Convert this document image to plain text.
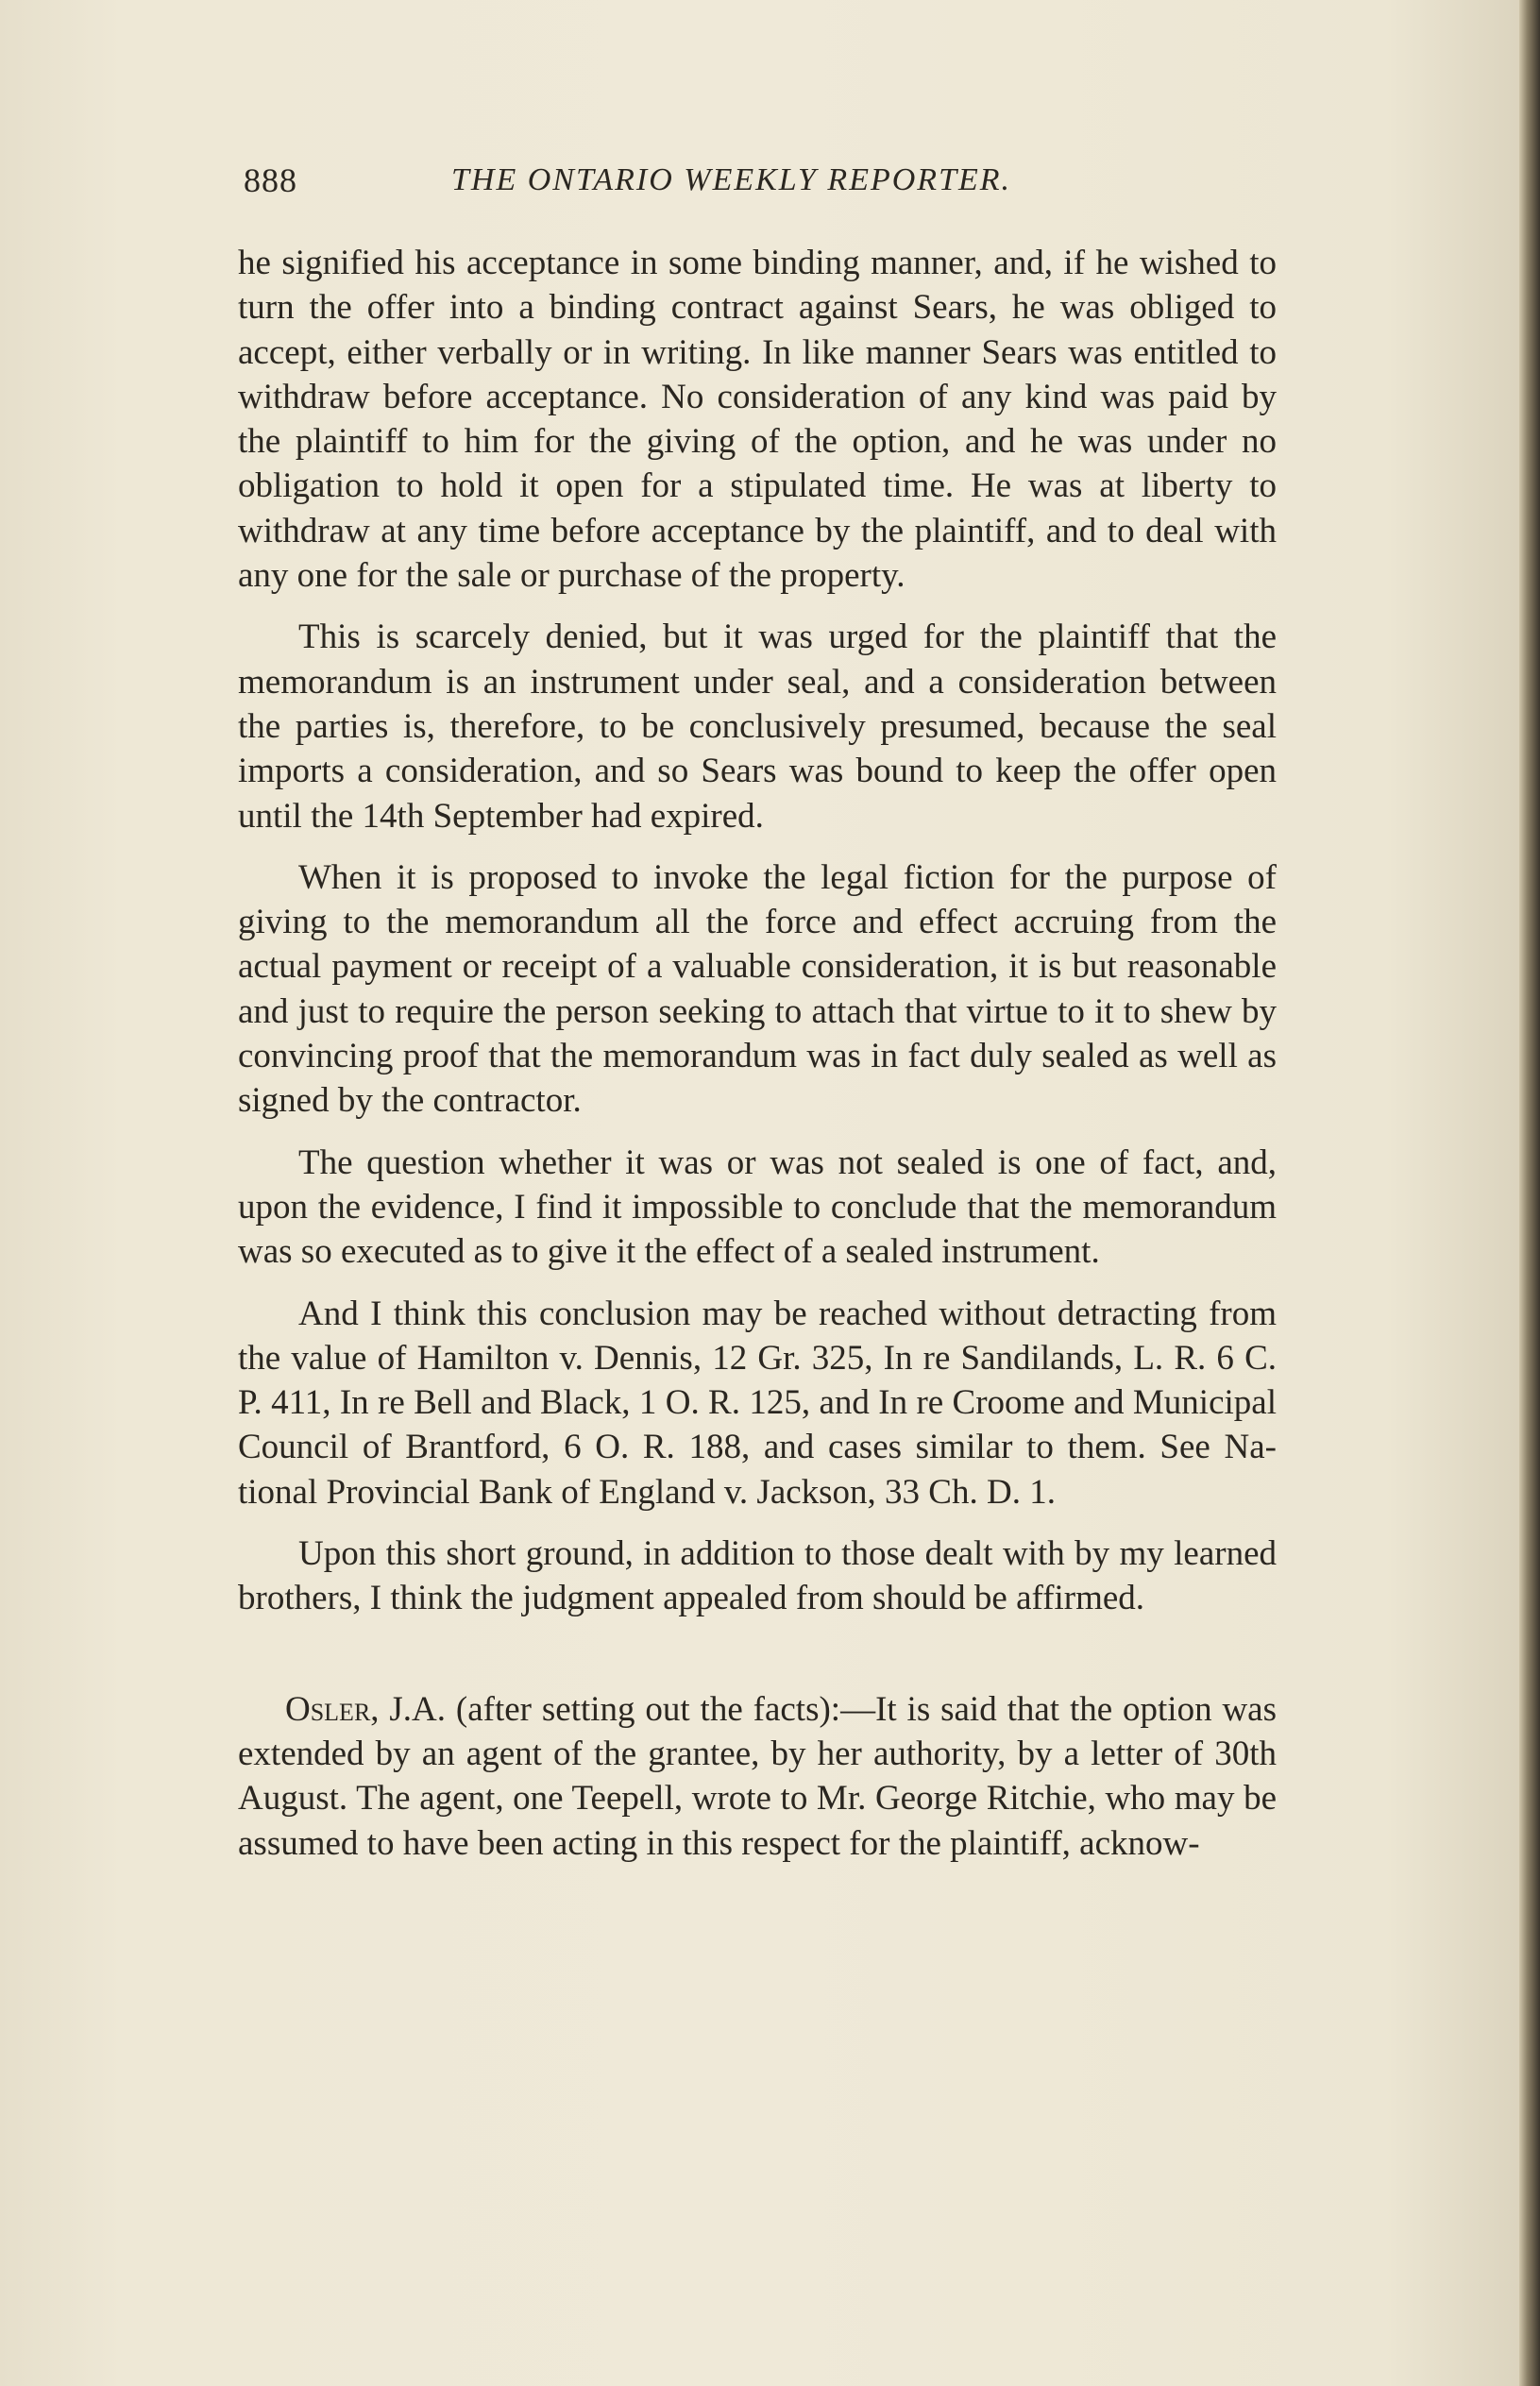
888	THE ONTARIO WEEKLY REPORTER.

he signified his acceptance in some binding manner, and, if he wished to turn the offer into a binding contract against Sears, he was obliged to accept, either verbally or in writing. In like manner Sears was entitled to withdraw before acceptance. No consideration of any kind was paid by the plaintiff to him for the giving of the option, and he was under no obligation to hold it open for a stipulated time. He was at liberty to withdraw at any time before acceptance by the plaintiff, and to deal with any one for the sale or purchase of the property.

This is scarcely denied, but it was urged for the plaintiff that the memorandum is an instrument under seal, and a consideration between the parties is, therefore, to be conclusively presumed, because the seal imports a consideration, and so Sears was bound to keep the offer open until the 14th September had expired.

When it is proposed to invoke the legal fiction for the purpose of giving to the memorandum all the force and effect accruing from the actual payment or receipt of a valuable consideration, it is but reasonable and just to require the person seeking to attach that virtue to it to shew by convincing proof that the memorandum was in fact duly sealed as well as signed by the contractor.

The question whether it was or was not sealed is one of fact, and, upon the evidence, I find it impossible to conclude that the memorandum was so executed as to give it the effect of a sealed instrument.

And I think this conclusion may be reached without detracting from the value of Hamilton v. Dennis, 12 Gr. 325, In re Sandilands, L. R. 6 C. P. 411, In re Bell and Black, 1 O. R. 125, and In re Croome and Municipal Council of Brantford, 6 O. R. 188, and cases similar to them. See National Provincial Bank of England v. Jackson, 33 Ch. D. 1.

Upon this short ground, in addition to those dealt with by my learned brothers, I think the judgment appealed from should be affirmed.

Osler, J.A. (after setting out the facts):—It is said that the option was extended by an agent of the grantee, by her authority, by a letter of 30th August. The agent, one Teepell, wrote to Mr. George Ritchie, who may be assumed to have been acting in this respect for the plaintiff, acknow-
